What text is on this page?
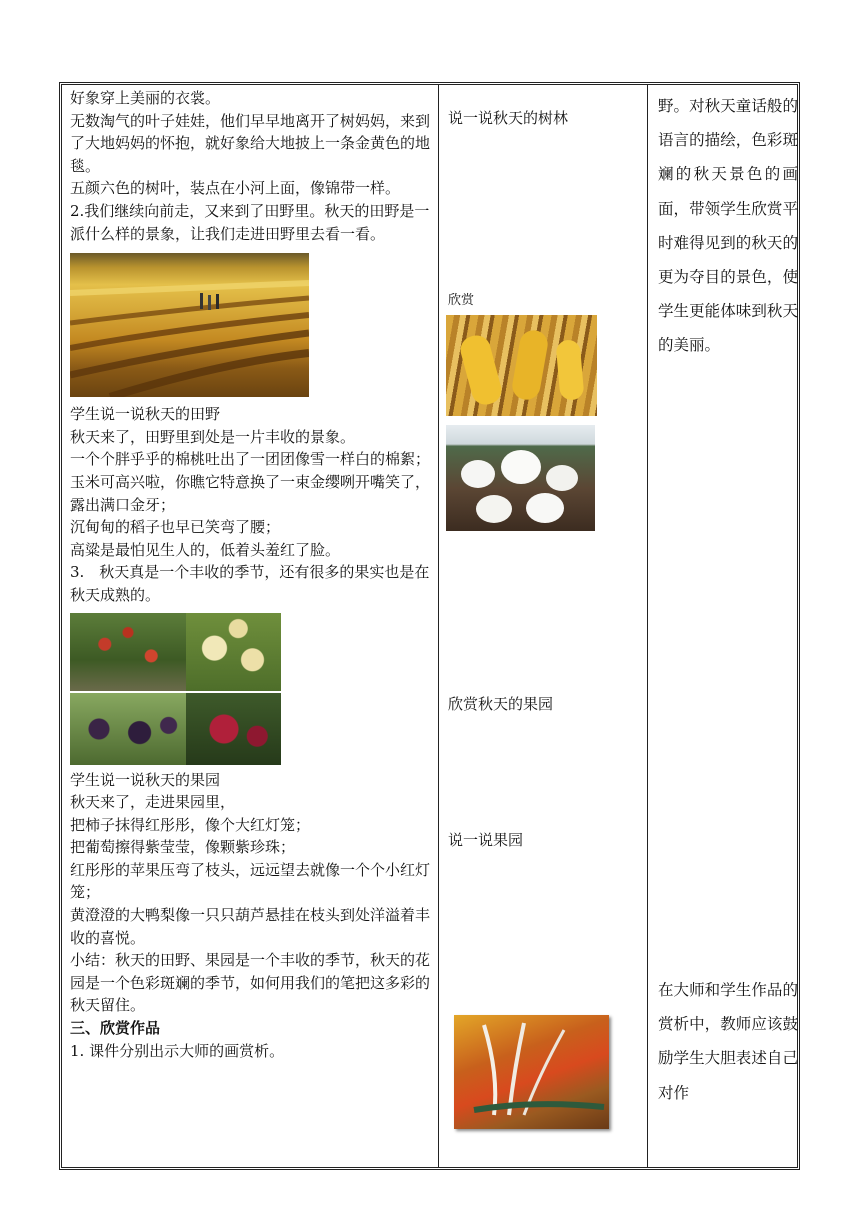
好象穿上美丽的衣裳。

无数淘气的叶子娃娃，他们早早地离开了树妈妈，来到了大地妈妈的怀抱，就好象给大地披上一条金黄色的地毯。

五颜六色的树叶，装点在小河上面，像锦带一样。

2.我们继续向前走，又来到了田野里。秋天的田野是一派什么样的景象，让我们走进田野里去看一看。

学生说一说秋天的田野

秋天来了，田野里到处是一片丰收的景象。

一个个胖乎乎的棉桃吐出了一团团像雪一样白的棉絮；

玉米可高兴啦，你瞧它特意换了一束金缨咧开嘴笑了，露出满口金牙；

沉甸甸的稻子也早已笑弯了腰；

高粱是最怕见生人的，低着头羞红了脸。

3.　秋天真是一个丰收的季节，还有很多的果实也是在秋天成熟的。

学生说一说秋天的果园

秋天来了，走进果园里，

把柿子抹得红彤彤，像个大红灯笼；

把葡萄擦得紫莹莹，像颗紫珍珠；

红彤彤的苹果压弯了枝头，远远望去就像一个个小红灯笼；

黄澄澄的大鸭梨像一只只葫芦悬挂在枝头到处洋溢着丰收的喜悦。

小结：秋天的田野、果园是一个丰收的季节，秋天的花园是一个色彩斑斓的季节，如何用我们的笔把这多彩的秋天留住。

三、欣赏作品

1. 课件分别出示大师的画赏析。

说一说秋天的树林
欣赏
欣赏秋天的果园
说一说果园
野。对秋天童话般的语言的描绘，色彩斑斓的秋天景色的画面，带领学生欣赏平时难得见到的秋天的更为夺目的景色，使学生更能体味到秋天的美丽。
在大师和学生作品的赏析中，教师应该鼓励学生大胆表述自己对作
